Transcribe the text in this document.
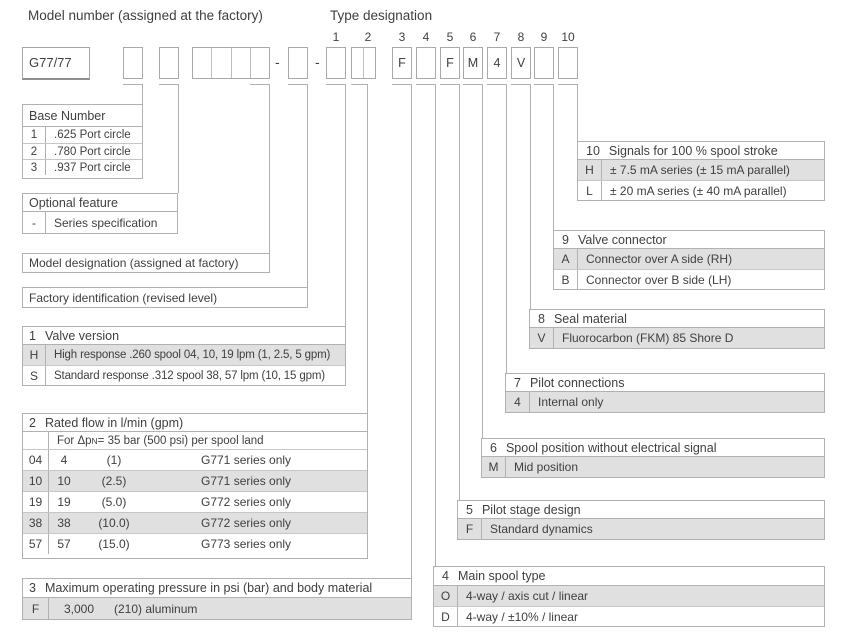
Model number (assigned at the factory)	Type designation
1	2	3	4	5	6	7	8	9	10
G77/77	-	-	F	F	M	4	V
Base Number
1	.625 Port circle
2	.780 Port circle
3	.937 Port circle
Optional feature
-	Series specification
Model designation (assigned at factory)
Factory identification (revised level)
1 Valve version
H	High response .260 spool 04, 10, 19 lpm (1, 2.5, 5 gpm)
S	Standard response .312 spool 38, 57 lpm (10, 15 gpm)
2 Rated flow in l/min (gpm)
For Δp N = 35 bar (500 psi) per spool land
04	4	(1)	G771 series only
10	10	(2.5)	G771 series only
19	19	(5.0)	G772 series only
38	38	(10.0)	G772 series only
57	57	(15.0)	G773 series only
3 Maximum operating pressure in psi (bar) and body material
F	3,000	(210) aluminum
4 Main spool type
O	4-way / axis cut / linear
D	4-way / ±10% / linear
5 Pilot stage design
F	Standard dynamics
6 Spool position without electrical signal
M	Mid position
7 Pilot connections
4	Internal only
8 Seal material
V	Fluorocarbon (FKM) 85 Shore D
9 Valve connector
A	Connector over A side (RH)
B	Connector over B side (LH)
10 Signals for 100 % spool stroke
H	± 7.5 mA series (± 15 mA parallel)
L	± 20 mA series (± 40 mA parallel)
